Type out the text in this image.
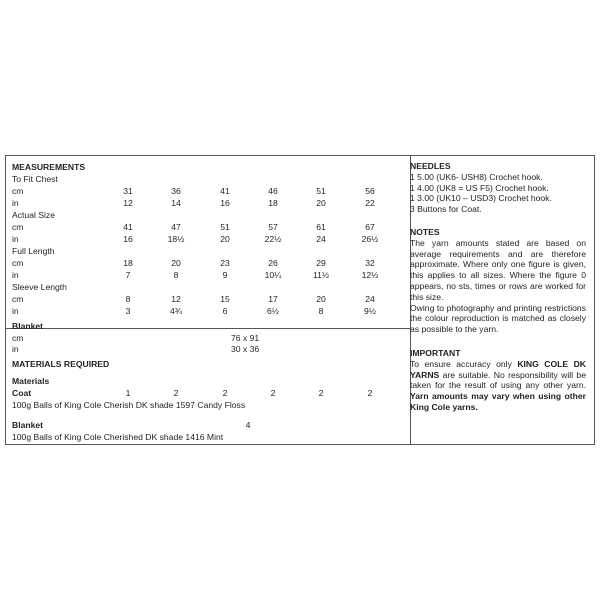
MEASUREMENTS
To Fit Chest
cm	31	36	41	46	51	56
in	12	14	16	18	20	22
Actual Size
cm	41	47	51	57	61	67
in	16	18½	20	22½	24	26½
Full Length
cm	18	20	23	26	29	32
in	7	8	9	10¼	11½	12½
Sleeve Length
cm	8	12	15	17	20	24
in	3	4¾	6	6½	8	9½
Blanket
cm	76 x 91
in	30 x 36
MATERIALS REQUIRED
Materials
Coat	1	2	2	2	2	2
100g Balls of King Cole Cherish DK shade 1597 Candy Floss
Blanket	4
100g Balls of King Cole Cherished DK shade 1416 Mint

NEEDLES

1 5.00 (UK6- USH8) Crochet hook.

1 4.00 (UK8 = US F5) Crochet hook.

1 3.00 (UK10 – USD3) Crochet hook.

3 Buttons for Coat.

NOTES

The yarn amounts stated are based on average requirements and are therefore approximate. Where only one figure is given, this applies to all sizes. Where the figure 0 appears, no sts, times or rows are worked for this size.

Owing to photography and printing restrictions the colour reproduction is matched as closely as possible to the yarn.

IMPORTANT

To ensure accuracy only KING COLE DK YARNS are suitable. No responsibility will be taken for the result of using any other yarn. Yarn amounts may vary when using other King Cole yarns.
